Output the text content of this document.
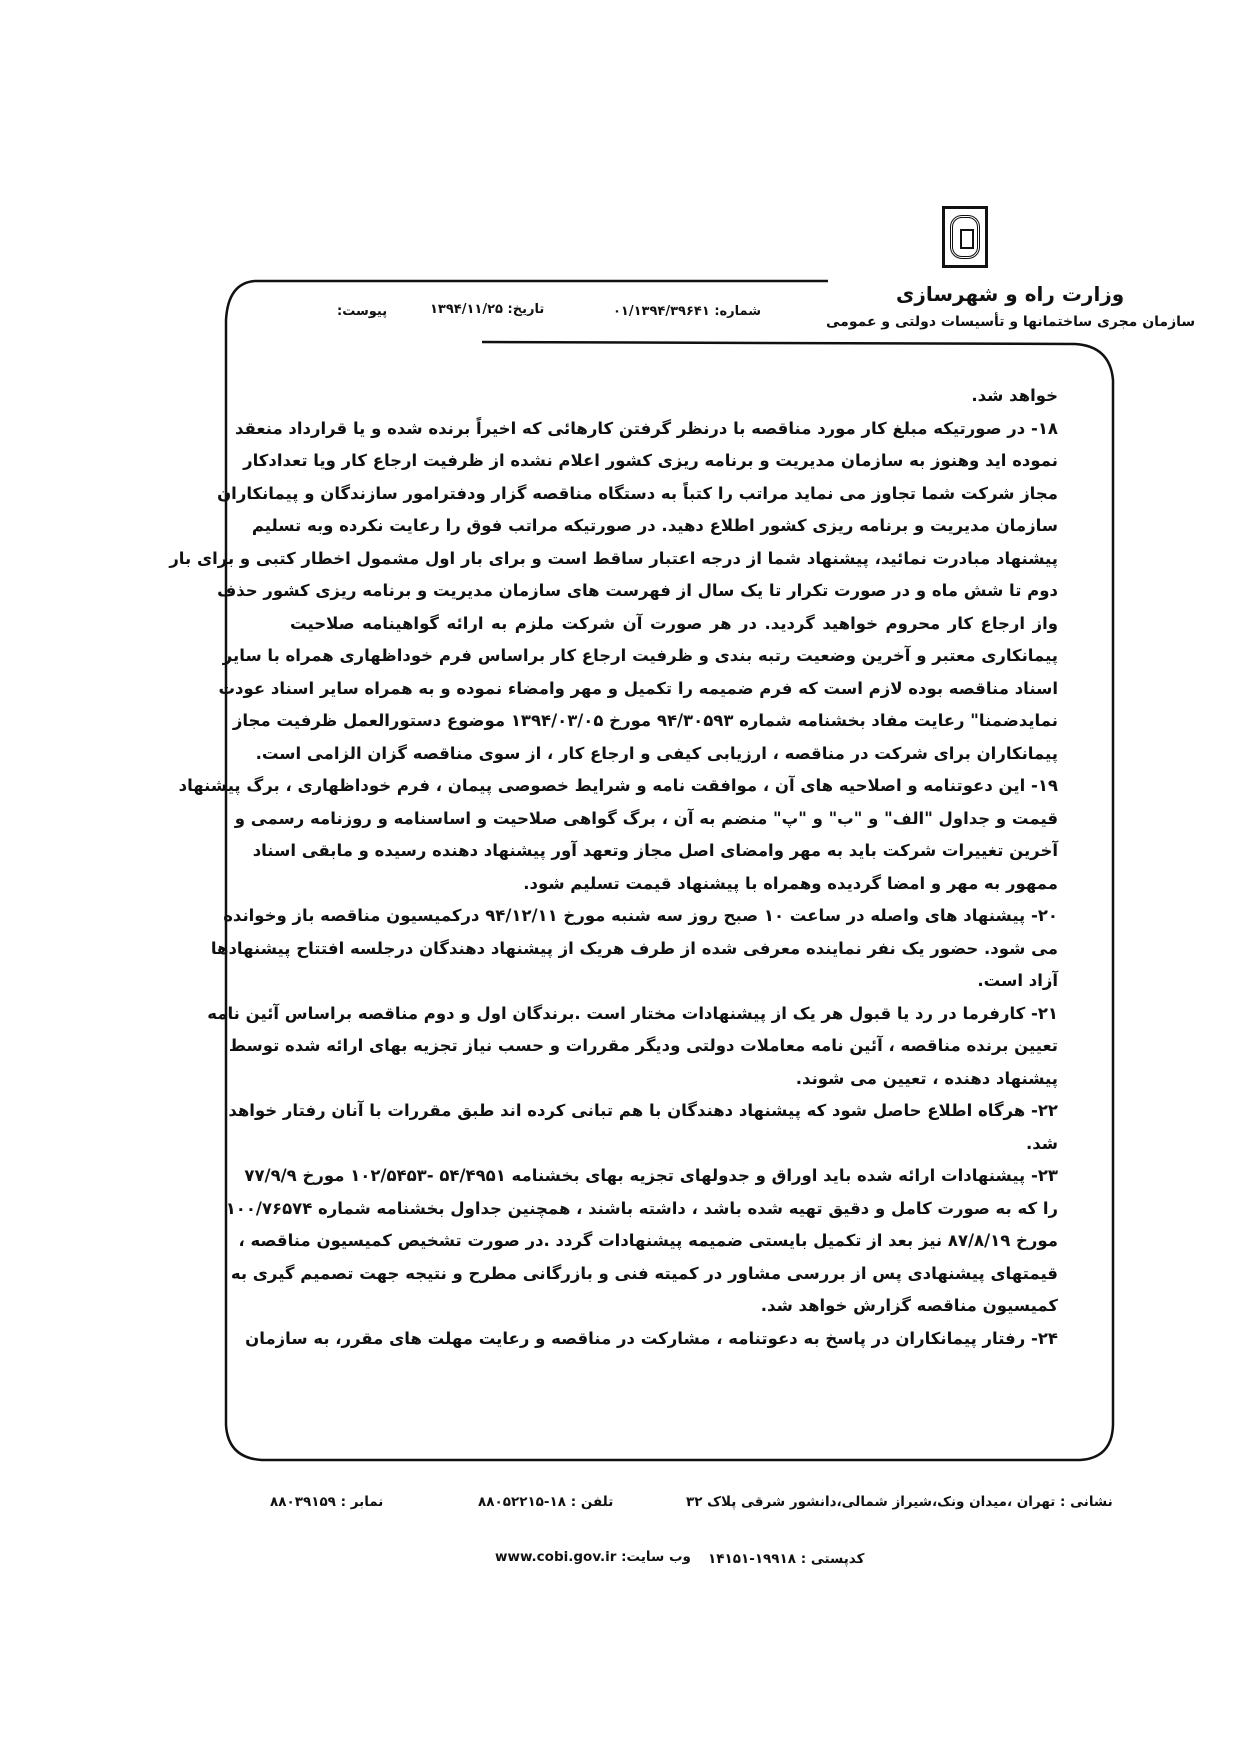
وزارت راه و شهرسازی
سازمان مجری ساختمانها و تأسیسات دولتی و عمومی
شماره: ۰۱/۱۳۹۴/۳۹۶۴۱
تاریخ: ۱۳۹۴/۱۱/۲۵
پیوست:
خواهد شد.
۱۸- در صورتیکه مبلغ کار مورد مناقصه با درنظر گرفتن کارهائی که اخیراً برنده شده و یا قرارداد منعقد
نموده اید وهنوز به سازمان مدیریت و برنامه ریزی کشور اعلام نشده از ظرفیت ارجاع کار ویا تعدادکار
مجاز شرکت شما تجاوز می نماید مراتب را کتباً به دستگاه مناقصه گزار ودفترامور سازندگان و پیمانکاران
سازمان مدیریت و برنامه ریزی کشور اطلاع دهید. در صورتیکه مراتب فوق را رعایت نکرده وبه تسلیم
پیشنهاد مبادرت نمائید، پیشنهاد شما از درجه اعتبار ساقط است و برای بار اول مشمول اخطار کتبی و برای بار
دوم تا شش ماه و در صورت تکرار تا یک سال از فهرست های سازمان مدیریت و برنامه ریزی کشور حذف
واز ارجاع کار محروم خواهید گردید. در هر صورت آن شرکت ملزم به ارائه گواهینامه صلاحیت
پیمانکاری معتبر و آخرین وضعیت رتبه بندی و ظرفیت ارجاع کار براساس فرم خوداظهاری همراه با سایر
اسناد مناقصه بوده لازم است که فرم ضمیمه را تکمیل و مهر وامضاء نموده و به همراه سایر اسناد عودت
نمایدضمنا" رعایت مفاد بخشنامه شماره ۹۴/۳۰۵۹۳ مورخ ۱۳۹۴/۰۳/۰۵ موضوع دستورالعمل ظرفیت مجاز
پیمانکاران برای شرکت در مناقصه ، ارزیابی کیفی و ارجاع کار ، از سوی مناقصه گزان الزامی است.
۱۹- این دعوتنامه و اصلاحیه های آن ، موافقت نامه و شرایط خصوصی پیمان ، فرم خوداظهاری ، برگ پیشنهاد
قیمت و جداول "الف" و "ب" و "پ" منضم به آن ، برگ گواهی صلاحیت و اساسنامه و روزنامه رسمی و
آخرین تغییرات شرکت باید به مهر وامضای اصل مجاز وتعهد آور پیشنهاد دهنده رسیده و مابقی اسناد
ممهور به مهر و امضا گردیده وهمراه با پیشنهاد قیمت تسلیم شود.
۲۰- پیشنهاد های واصله در ساعت ۱۰ صبح روز سه شنبه مورخ ۹۴/۱۲/۱۱ درکمیسیون مناقصه باز وخوانده
می شود. حضور یک نفر نماینده معرفی شده از طرف هریک از پیشنهاد دهندگان درجلسه افتتاح پیشنهادها
آزاد است.
۲۱- کارفرما در رد یا قبول هر یک از پیشنهادات مختار است .برندگان اول و دوم مناقصه براساس آئین نامه
تعیین برنده مناقصه ، آئین نامه معاملات دولتی ودیگر مقررات و حسب نیاز تجزیه بهای ارائه شده توسط
پیشنهاد دهنده ، تعیین می شوند.
۲۲- هرگاه اطلاع حاصل شود که پیشنهاد دهندگان با هم تبانی کرده اند طبق مقررات با آنان رفتار خواهد
شد.
۲۳- پیشنهادات ارائه شده باید اوراق و جدولهای تجزیه بهای بخشنامه ۵۴/۴۹۵۱ -۱۰۲/۵۴۵۳ مورخ ۷۷/۹/۹
را که به صورت کامل و دقیق تهیه شده باشد ، داشته باشند ، همچنین جداول بخشنامه شماره ۱۰۰/۷۶۵۷۴
مورخ ۸۷/۸/۱۹ نیز بعد از تکمیل بایستی ضمیمه پیشنهادات گردد .در صورت تشخیص کمیسیون مناقصه ،
قیمتهای پیشنهادی پس از بررسی مشاور در کمیته فنی و بازرگانی مطرح و نتیجه جهت تصمیم گیری به
کمیسیون مناقصه گزارش خواهد شد.
۲۴- رفتار پیمانکاران در پاسخ به دعوتنامه ، مشارکت در مناقصه و رعایت مهلت های مقرر، به سازمان
نشانی : تهران ،میدان ونک،شیراز شمالی،دانشور شرقی پلاک ۳۲
تلفن : ۱۸-۸۸۰۵۲۲۱۵
نمابر : ۸۸۰۳۹۱۵۹
کدپستی : ۱۹۹۱۸-۱۴۱۵۱
www.cobi.gov.ir وب سایت:
